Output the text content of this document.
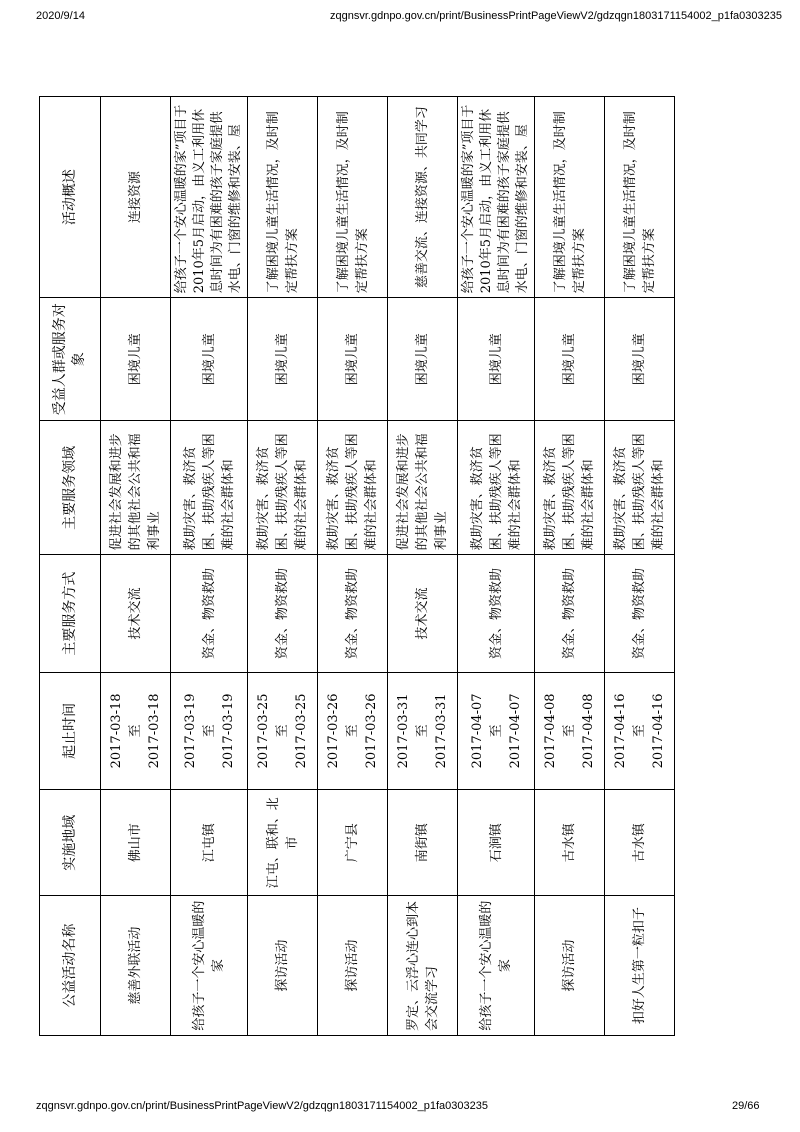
2020/9/14	zqgnsvr.gdnpo.gov.cn/print/BusinessPrintPageViewV2/gdzqgn1803171154002_p1fa0303235
公益活动名称	实施地域	起止时间	主要服务方式	主要服务领域	受益人群或服务对象	活动概述
慈善外联活动	佛山市	2017-03-18 至 2017-03-18	技术交流	促进社会发展和进步的其他社会公共和福利事业	困境儿童	连接资源
给孩子一个安心温暖的家	江屯镇	2017-03-19 至 2017-03-19	资金、物资救助	救助灾害、救济贫困、扶助残疾人等困难的社会群体和	困境儿童	给孩子一个安心温暖的家”项目于2010年5月启动，由义工利用休息时间为有困难的孩子家庭提供水电、门窗的维修和安装、屋
探访活动	江屯、联和、北市	2017-03-25 至 2017-03-25	资金、物资救助	救助灾害、救济贫困、扶助残疾人等困难的社会群体和	困境儿童	了解困境儿童生活情况，及时制定帮扶方案
探访活动	广宁县	2017-03-26 至 2017-03-26	资金、物资救助	救助灾害、救济贫困、扶助残疾人等困难的社会群体和	困境儿童	了解困境儿童生活情况，及时制定帮扶方案
罗定、云浮心连心到本会交流学习	南街镇	2017-03-31 至 2017-03-31	技术交流	促进社会发展和进步的其他社会公共和福利事业	困境儿童	慈善交流、连接资源、共同学习
给孩子一个安心温暖的家	石涧镇	2017-04-07 至 2017-04-07	资金、物资救助	救助灾害、救济贫困、扶助残疾人等困难的社会群体和	困境儿童	给孩子一个安心温暖的家”项目于2010年5月启动，由义工利用休息时间为有困难的孩子家庭提供水电、门窗的维修和安装、屋
探访活动	古水镇	2017-04-08 至 2017-04-08	资金、物资救助	救助灾害、救济贫困、扶助残疾人等困难的社会群体和	困境儿童	了解困境儿童生活情况，及时制定帮扶方案
扣好人生第一粒扣子	古水镇	2017-04-16 至 2017-04-16	资金、物资救助	救助灾害、救济贫困、扶助残疾人等困难的社会群体和	困境儿童	了解困境儿童生活情况，及时制定帮扶方案
zqgnsvr.gdnpo.gov.cn/print/BusinessPrintPageViewV2/gdzqgn1803171154002_p1fa0303235	29/66
